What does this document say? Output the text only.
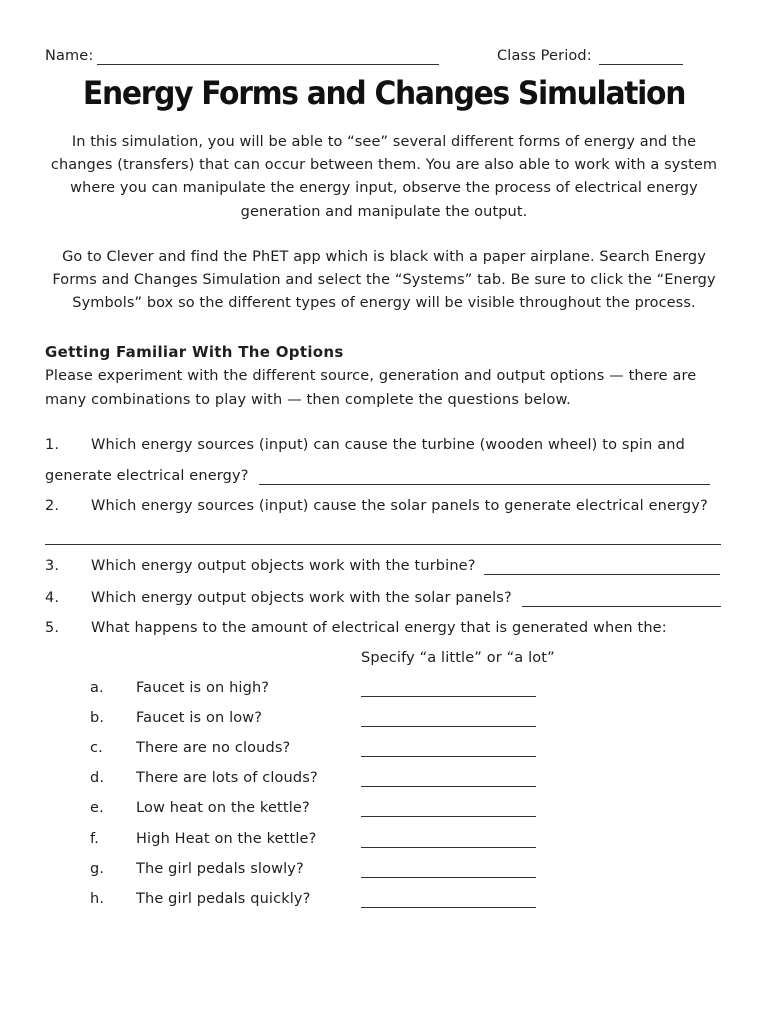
Name:	Class Period:
Energy Forms and Changes Simulation
In this simulation, you will be able to “see” several different forms of energy and the changes (transfers) that can occur between them. You are also able to work with a system where you can manipulate the energy input, observe the process of electrical energy generation and manipulate the output.
Go to Clever and find the PhET app which is black with a paper airplane. Search Energy Forms and Changes Simulation and select the “Systems” tab. Be sure to click the “Energy Symbols” box so the different types of energy will be visible throughout the process.
Getting Familiar With The Options
Please experiment with the different source, generation and output options — there are
many combinations to play with — then complete the questions below.
1. Which energy sources (input) can cause the turbine (wooden wheel) to spin and
generate electrical energy?
2. Which energy sources (input) cause the solar panels to generate electrical energy?
3. Which energy output objects work with the turbine?
4. Which energy output objects work with the solar panels?
5. What happens to the amount of electrical energy that is generated when the:
Specify “a little” or “a lot”
a. Faucet is on high?
b. Faucet is on low?
c. There are no clouds?
d. There are lots of clouds?
e. Low heat on the kettle?
f.	High Heat on the kettle?
g. The girl pedals slowly?
h. The girl pedals quickly?
